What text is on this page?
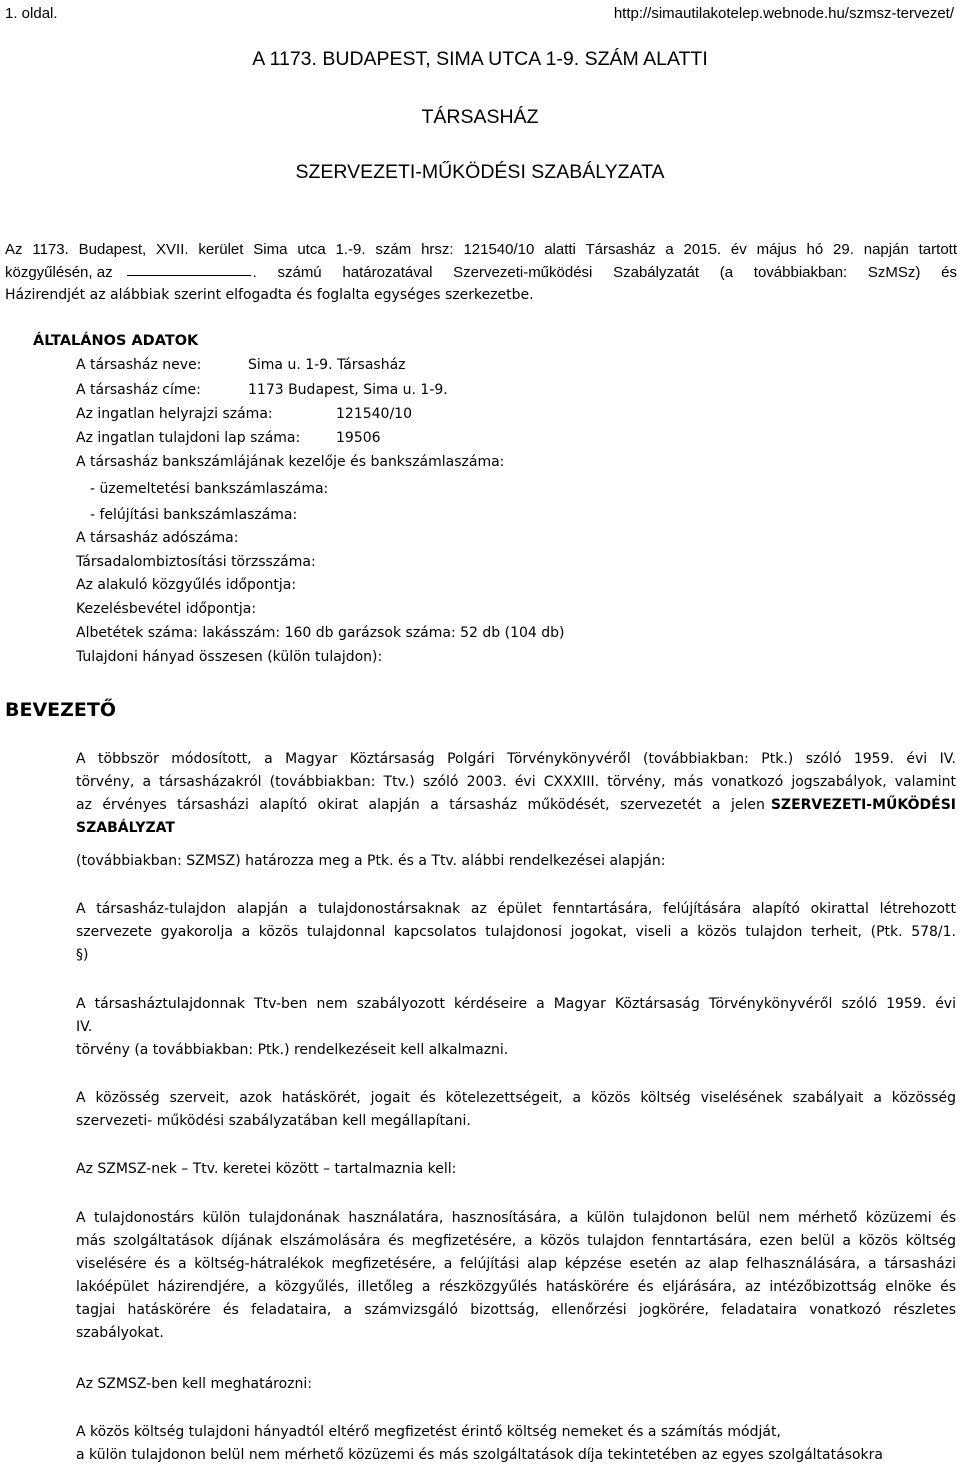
1. oldal.	http://simautilakotelep.webnode.hu/szmsz-tervezet/
A 1173. BUDAPEST, SIMA UTCA 1-9. SZÁM ALATTI
TÁRSASHÁZ
SZERVEZETI-MŰKÖDÉSI SZABÁLYZATA
Az 1173. Budapest, XVII. kerület Sima utca 1.-9. szám hrsz: 121540/10 alatti Társasház a 2015. év május hó 29. napján tartott
közgyűlésén, az	. számú határozatával Szervezeti-működési Szabályzatát (a továbbiakban: SzMSz) és
Házirendjét az alábbiak szerint elfogadta és foglalta egységes szerkezetbe.
ÁLTALÁNOS ADATOK
A társasház neve:	Sima u. 1-9. Társasház
A társasház címe:	1173 Budapest, Sima u. 1-9.
Az ingatlan helyrajzi száma:	121540/10
Az ingatlan tulajdoni lap száma:	19506
A társasház bankszámlájának kezelője és bankszámlaszáma:
- üzemeltetési bankszámlaszáma:
- felújítási bankszámlaszáma:
A társasház adószáma:
Társadalombiztosítási törzsszáma:
Az alakuló közgyűlés időpontja:
Kezelésbevétel időpontja:
Albetétek száma: lakásszám: 160 db garázsok száma: 52 db (104 db)
Tulajdoni hányad összesen (külön tulajdon):
BEVEZETŐ
A többször módosított, a Magyar Köztársaság Polgári Törvénykönyvéről (továbbiakban: Ptk.) szóló 1959. évi IV.
törvény, a társasházakról (továbbiakban: Ttv.) szóló 2003. évi CXXXIII. törvény, más vonatkozó jogszabályok, valamint
az érvényes társasházi alapító okirat alapján a társasház működését, szervezetét a jelen SZERVEZETI-MŰKÖDÉSI
SZABÁLYZAT
(továbbiakban: SZMSZ) határozza meg a Ptk. és a Ttv. alábbi rendelkezései alapján:
A társasház-tulajdon alapján a tulajdonostársaknak az épület fenntartására, felújítására alapító okirattal létrehozott
szervezete gyakorolja a közös tulajdonnal kapcsolatos tulajdonosi jogokat, viseli a közös tulajdon terheit, (Ptk. 578/1.
§)
A társasháztulajdonnak Ttv-ben nem szabályozott kérdéseire a Magyar Köztársaság Törvénykönyvéről szóló 1959. évi
IV.
törvény (a továbbiakban: Ptk.) rendelkezéseit kell alkalmazni.
A közösség szerveit, azok hatáskörét, jogait és kötelezettségeit, a közös költség viselésének szabályait a közösség
szervezeti- működési szabályzatában kell megállapítani.
Az SZMSZ-nek – Ttv. keretei között – tartalmaznia kell:
A tulajdonostárs külön tulajdonának használatára, hasznosítására, a külön tulajdonon belül nem mérhető közüzemi és
más szolgáltatások díjának elszámolására és megfizetésére, a közös tulajdon fenntartására, ezen belül a közös költség
viselésére és a költség-hátralékok megfizetésére, a felújítási alap képzése esetén az alap felhasználására, a társasházi
lakóépület házirendjére, a közgyűlés, illetőleg a részközgyűlés hatáskörére és eljárására, az intézőbizottság elnöke és
tagjai hatáskörére és feladataira, a számvizsgáló bizottság, ellenőrzési jogkörére, feladataira vonatkozó részletes
szabályokat.
Az SZMSZ-ben kell meghatározni:
A közös költség tulajdoni hányadtól eltérő megfizetést érintő költség nemeket és a számítás módját,
a külön tulajdonon belül nem mérhető közüzemi és más szolgáltatások díja tekintetében az egyes szolgáltatásokra
